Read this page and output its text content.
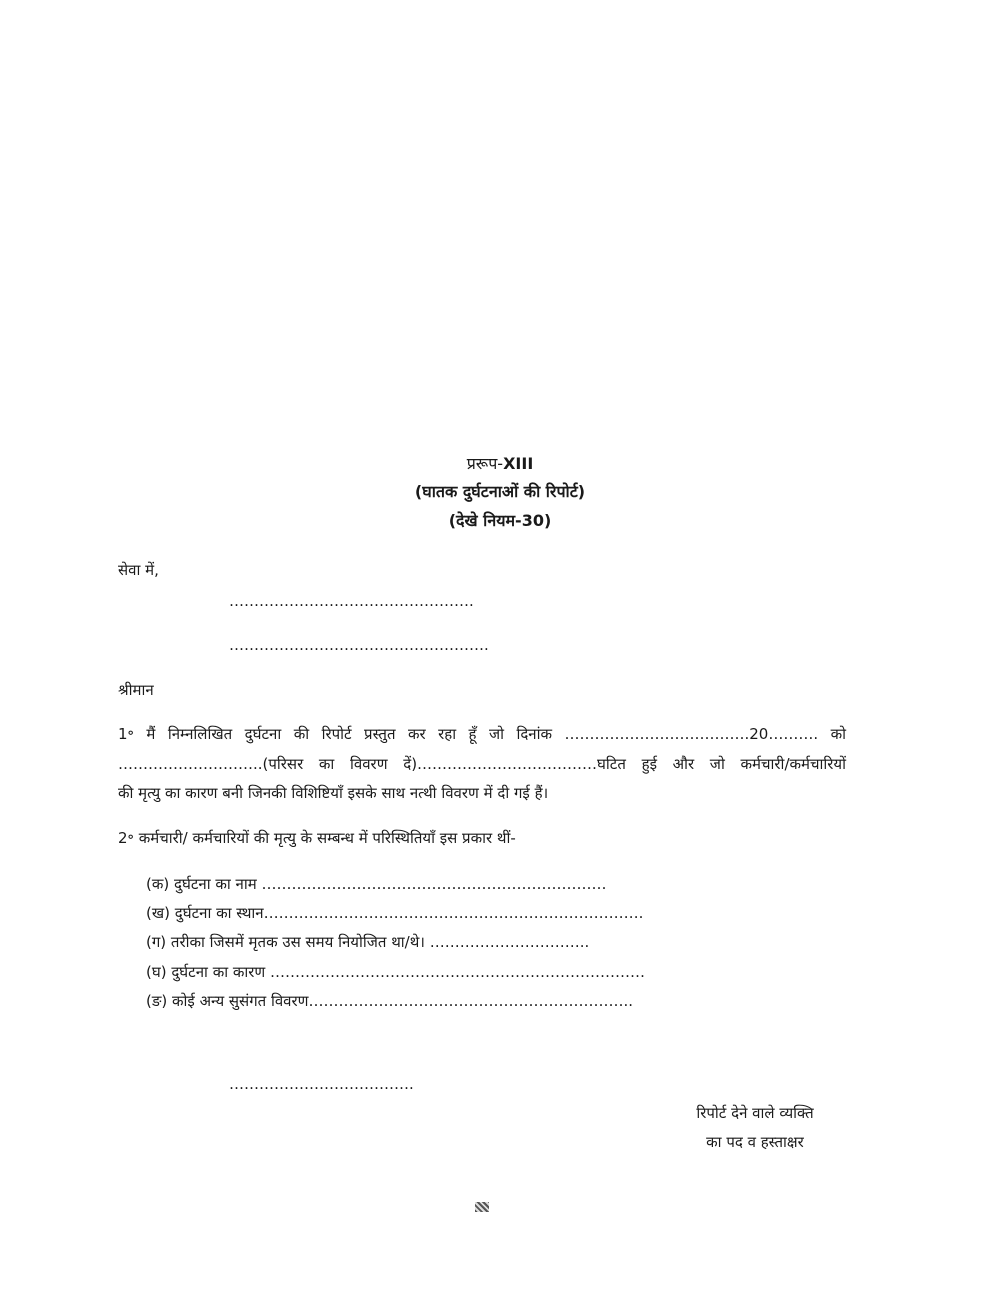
प्ररूप-XIII
(घातक दुर्घटनाओं की रिपोर्ट)
(देखे नियम-30)
सेवा में,
………………………………………….
…………………………………………….
श्रीमान
1॰ मैं निम्नलिखित दुर्घटना की रिपोर्ट प्रस्तुत कर रहा हूँ जो दिनांक ……………………………….20………. को
………………………..(परिसर का विवरण दें)………………………………घटित हुई और जो कर्मचारी/कर्मचारियों
की मृत्यु का कारण बनी जिनकी विशिष्टियाँ इसके साथ नत्थी विवरण में दी गई हैं।
2॰ कर्मचारी/ कर्मचारियों की मृत्यु के सम्बन्ध में परिस्थितियाँ इस प्रकार थीं-
(क) दुर्घटना का नाम ……………………………………………………………
(ख) दुर्घटना का स्थान………………………………………………………………….
(ग) तरीका जिसमें मृतक उस समय नियोजित था/थे। …………………………..
(घ) दुर्घटना का कारण …………………………………………………………………
(ङ) कोई अन्य सुसंगत विवरण………………………………………………………..
……………………………….
रिपोर्ट देने वाले व्यक्ति
का पद व हस्ताक्षर
